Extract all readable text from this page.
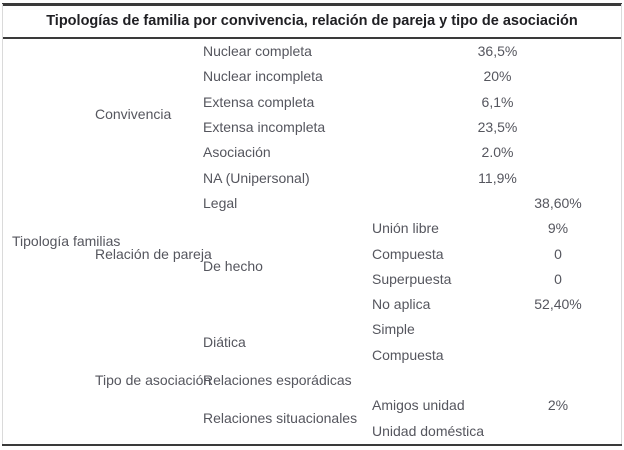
Tipologías de familia por convivencia, relación de pareja y tipo de asociación
	Tipología familias	Convivencia	Nuclear completa		36,5%		
			Nuclear incompleta		20%		
			Extensa completa		6,1%		
			Extensa incompleta		23,5%		
			Asociación		2.0%		
			NA (Unipersonal)		11,9%		
		Relación de pareja	Legal			38,60%	
			De hecho	Unión libre		9%	
				Compuesta		0	
				Superpuesta		0	
				No aplica		52,40%	
		Tipo de asociación	Diática	Simple			
				Compuesta			
			Relaciones esporádicas				
			Relaciones situacionales	Amigos unidad		2%	
				Unidad doméstica			
